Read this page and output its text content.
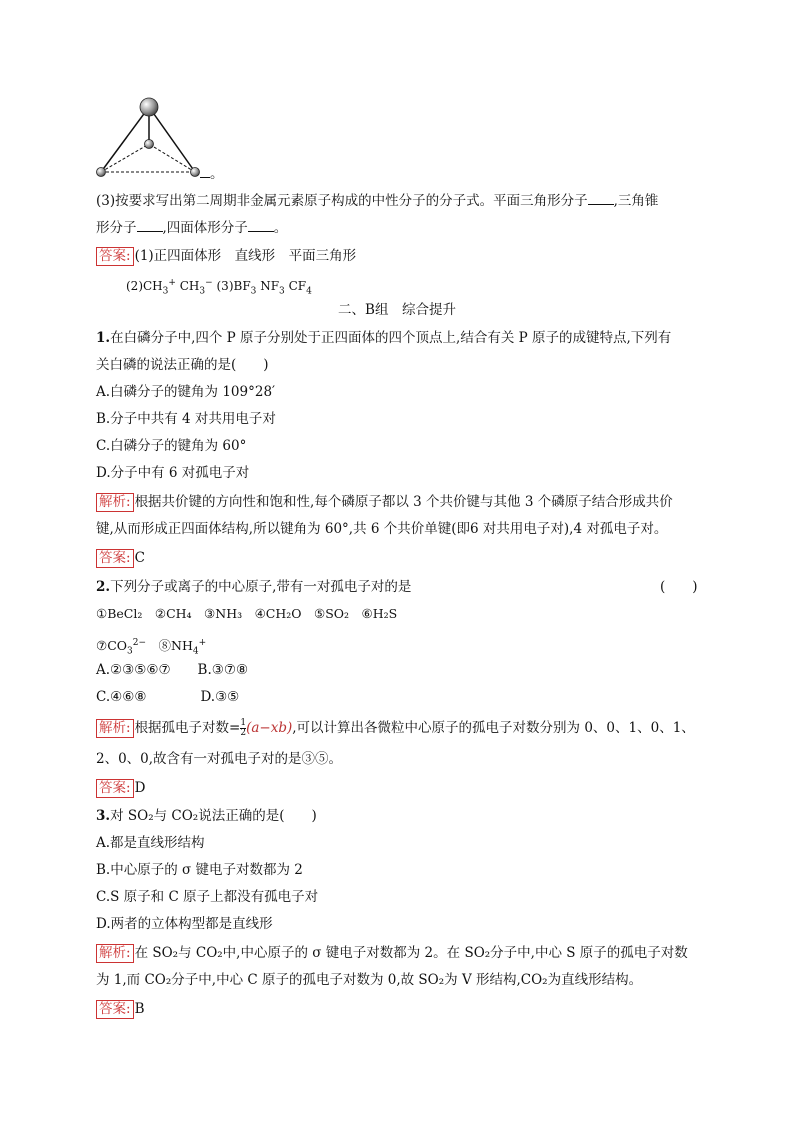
。
(3)按要求写出第二周期非金属元素原子构成的中性分子的分子式。平面三角形分子 ,三角锥
形分子 ,四面体形分子 。
答案: (1)正四面体形　直线形　平面三角形
$(2)CH_3^+$ $CH_3^-$ $(3)BF_3$ $NF_3$ $CF_4$
二、B组　综合提升
1.在白磷分子中,四个 P 原子分别处于正四面体的四个顶点上,结合有关 P 原子的成键特点,下列有
关白磷的说法正确的是(　　)
A.白磷分子的键角为 109°28′
B.分子中共有 4 对共用电子对
C.白磷分子的键角为 60°
D.分子中有 6 对孤电子对
解析: 根据共价键的方向性和饱和性,每个磷原子都以 3 个共价键与其他 3 个磷原子结合形成共价
键,从而形成正四面体结构,所以键角为 60°,共 6 个共价单键(即6 对共用电子对),4 对孤电子对。
答案: C
2.下列分子或离子的中心原子,带有一对孤电子对的是	(　　)
①BeCl₂　②CH₄　③NH₃　④CH₂O　⑤SO₂　⑥H₂S
$⑦CO_3^{2-}$　$⑧NH_4^+$
A.②③⑤⑥⑦　　B.③⑦⑧
C.④⑥⑧　　　　D.③⑤
解析: 根据孤电子对数= $\frac{1}{2} (a-xb)$,可以计算出各微粒中心原子的孤电子对数分别为 0、0、1、0、1、
2、0、0,故含有一对孤电子对的是③⑤。
答案: D
3.对 SO₂与 CO₂说法正确的是(　　)
A.都是直线形结构
B.中心原子的 σ 键电子对数都为 2
C.S 原子和 C 原子上都没有孤电子对
D.两者的立体构型都是直线形
解析: 在 SO₂与 CO₂中,中心原子的 σ 键电子对数都为 2。在 SO₂分子中,中心 S 原子的孤电子对数
为 1,而 CO₂分子中,中心 C 原子的孤电子对数为 0,故 SO₂为 V 形结构,CO₂为直线形结构。
答案: B
